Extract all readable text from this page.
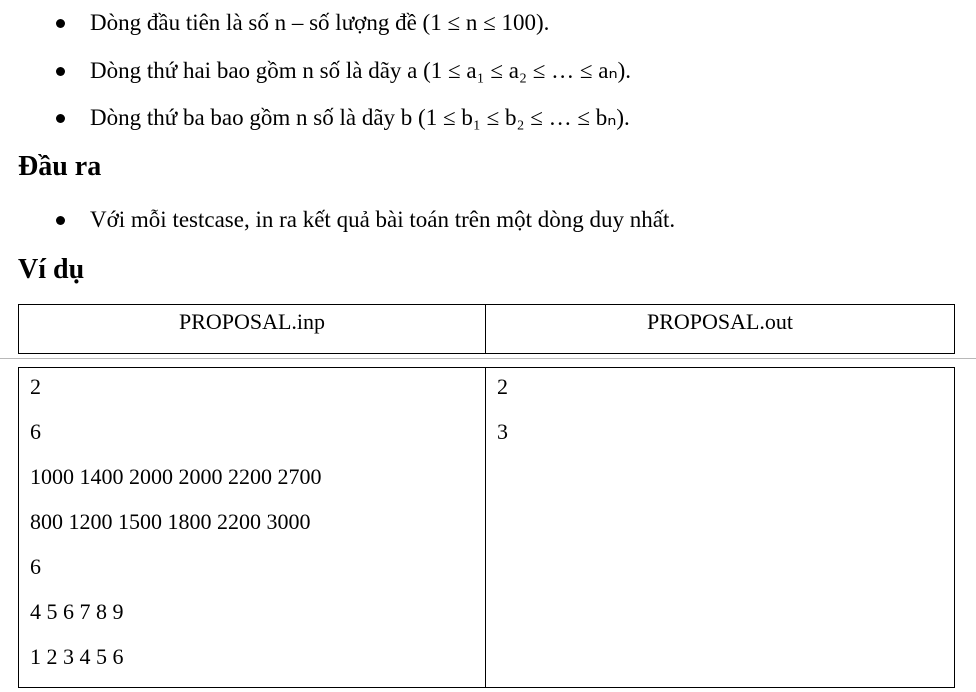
Dòng đầu tiên là số n – số lượng đề (1 ≤ n ≤ 100).
Dòng thứ hai bao gồm n số là dãy a (1 ≤ a₁ ≤ a₂ ≤ … ≤ aₙ).
Dòng thứ ba bao gồm n số là dãy b (1 ≤ b₁ ≤ b₂ ≤ … ≤ bₙ).
Đầu ra
Với mỗi testcase, in ra kết quả bài toán trên một dòng duy nhất.
Ví dụ
PROPOSAL.inp	PROPOSAL.out
2
6
1000 1400 2000 2000 2200 2700
800 1200 1500 1800 2200 3000
6
4 5 6 7 8 9
1 2 3 4 5 6

2
3
